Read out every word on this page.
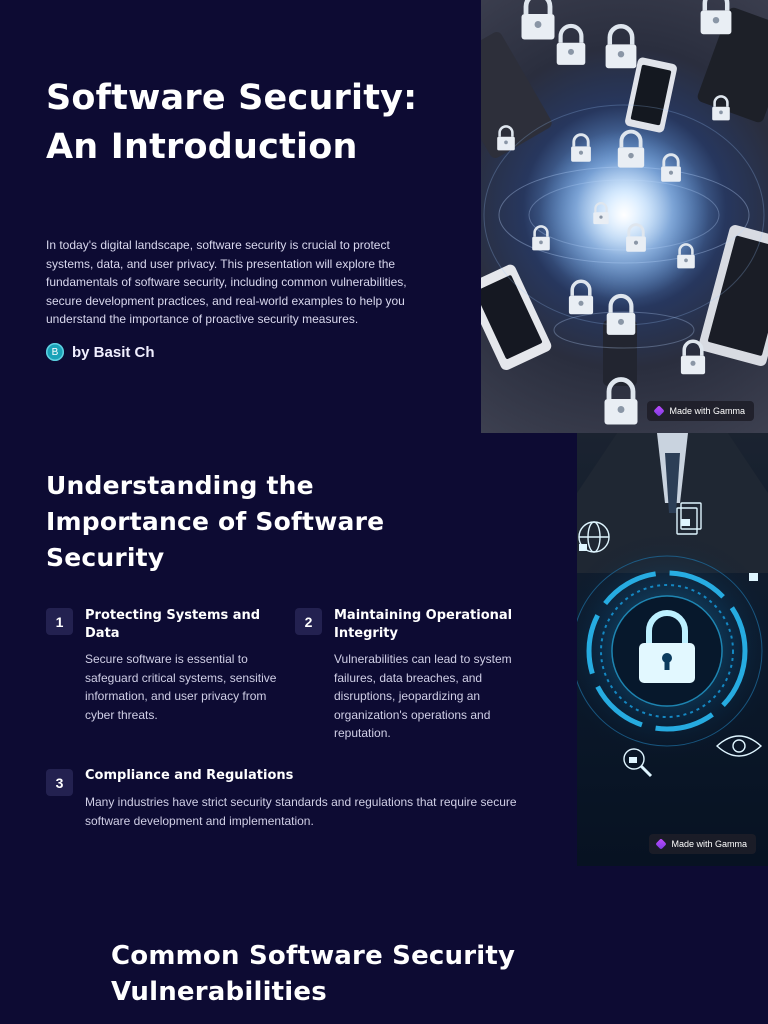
Software Security: An Introduction

In today's digital landscape, software security is crucial to protect systems, data, and user privacy. This presentation will explore the fundamentals of software security, including common vulnerabilities, secure development practices, and real-world examples to help you understand the importance of proactive security measures.

B by Basit Ch
Made with Gamma
Understanding the Importance of Software Security
1	Protecting Systems and Data

Secure software is essential to safeguard critical systems, sensitive information, and user privacy from cyber threats.

2	Maintaining Operational Integrity

Vulnerabilities can lead to system failures, data breaches, and disruptions, jeopardizing an organization's operations and reputation.

3	Compliance and Regulations

Many industries have strict security standards and regulations that require secure software development and implementation.

Made with Gamma
Common Software Security Vulnerabilities
